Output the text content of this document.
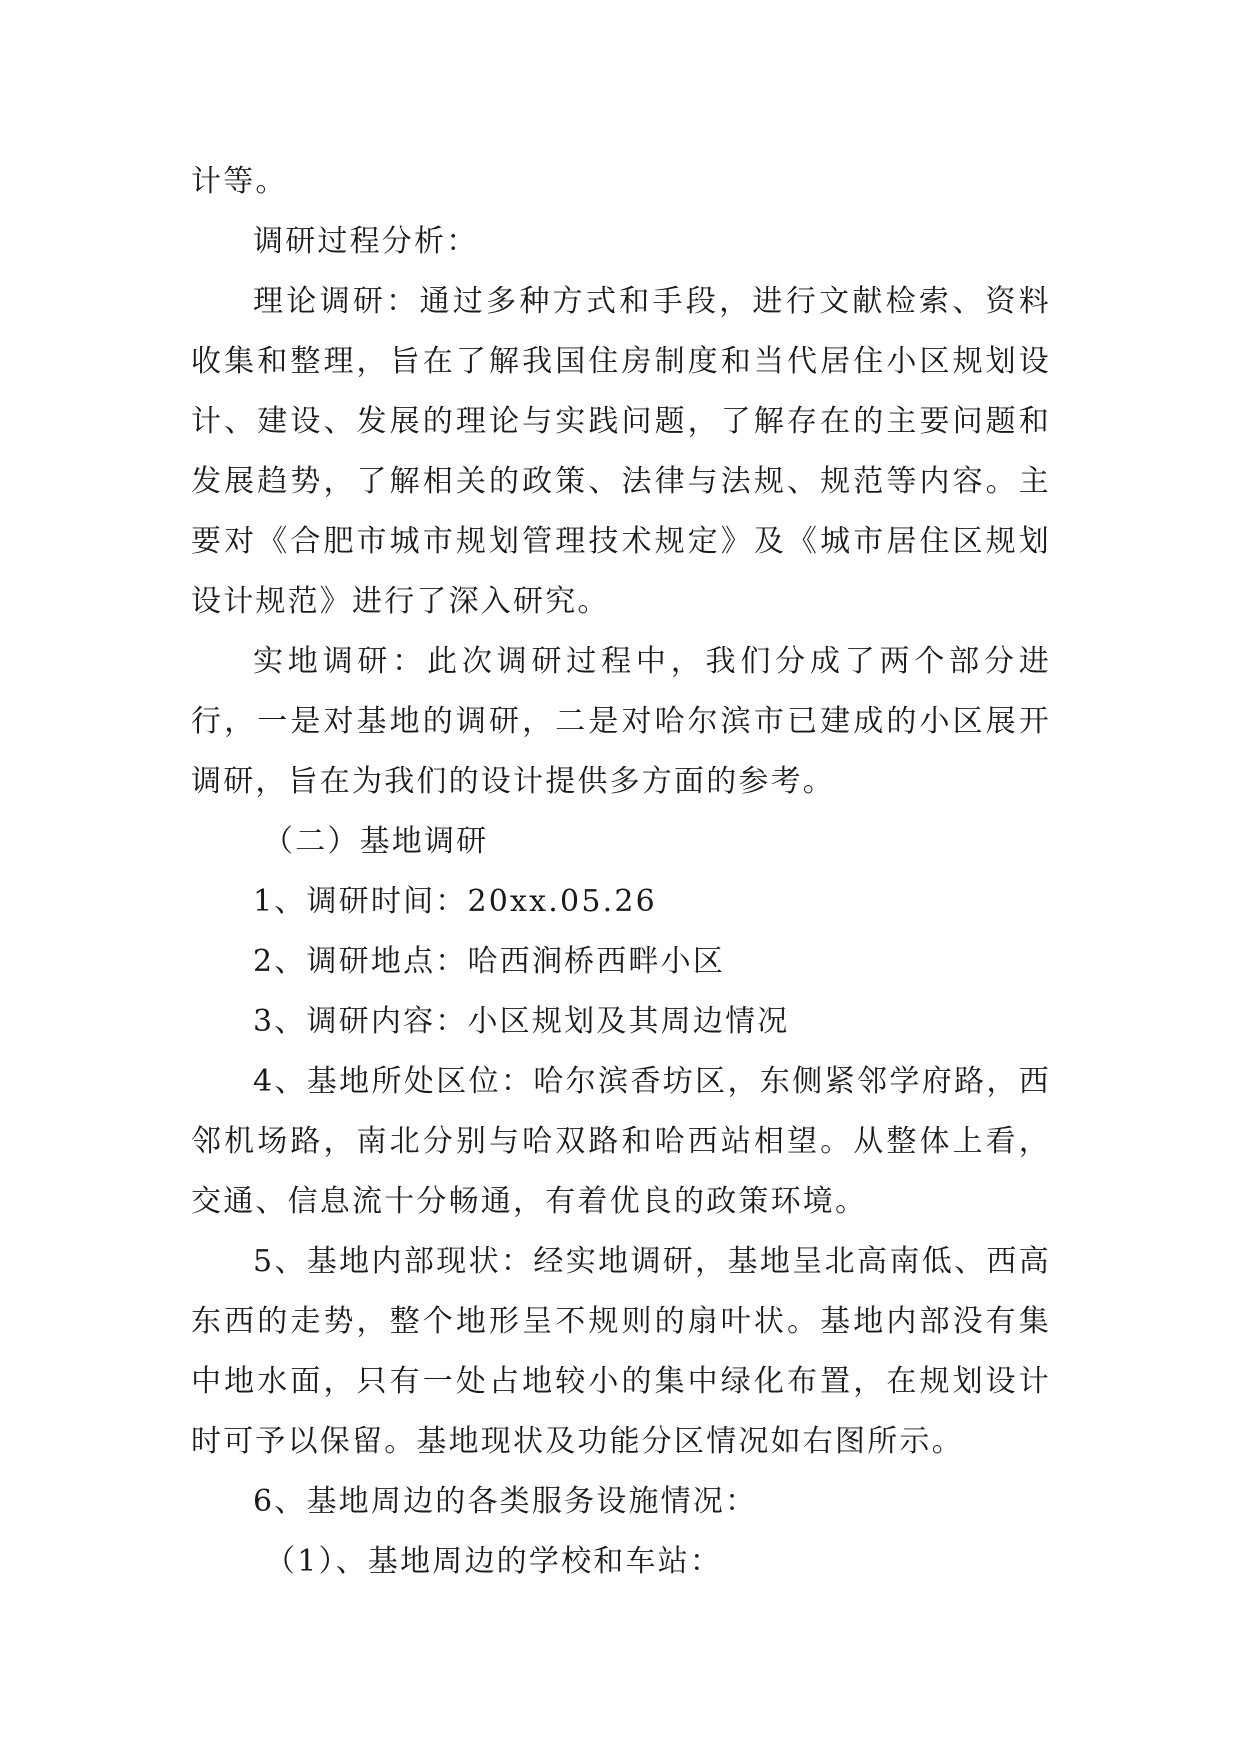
计等。

调研过程分析：

理论调研：通过多种方式和手段，进行文献检索、资料收集和整理，旨在了解我国住房制度和当代居住小区规划设计、建设、发展的理论与实践问题，了解存在的主要问题和发展趋势，了解相关的政策、法律与法规、规范等内容。主要对《合肥市城市规划管理技术规定》及《城市居住区规划设计规范》进行了深入研究。

实地调研：此次调研过程中，我们分成了两个部分进行，一是对基地的调研，二是对哈尔滨市已建成的小区展开调研，旨在为我们的设计提供多方面的参考。

（二）基地调研

1、调研时间：20xx.05.26

2、调研地点：哈西涧桥西畔小区

3、调研内容：小区规划及其周边情况

4、基地所处区位：哈尔滨香坊区，东侧紧邻学府路，西邻机场路，南北分别与哈双路和哈西站相望。从整体上看，交通、信息流十分畅通，有着优良的政策环境。

5、基地内部现状：经实地调研，基地呈北高南低、西高东西的走势，整个地形呈不规则的扇叶状。基地内部没有集中地水面，只有一处占地较小的集中绿化布置，在规划设计时可予以保留。基地现状及功能分区情况如右图所示。

6、基地周边的各类服务设施情况：

（1）、基地周边的学校和车站：
